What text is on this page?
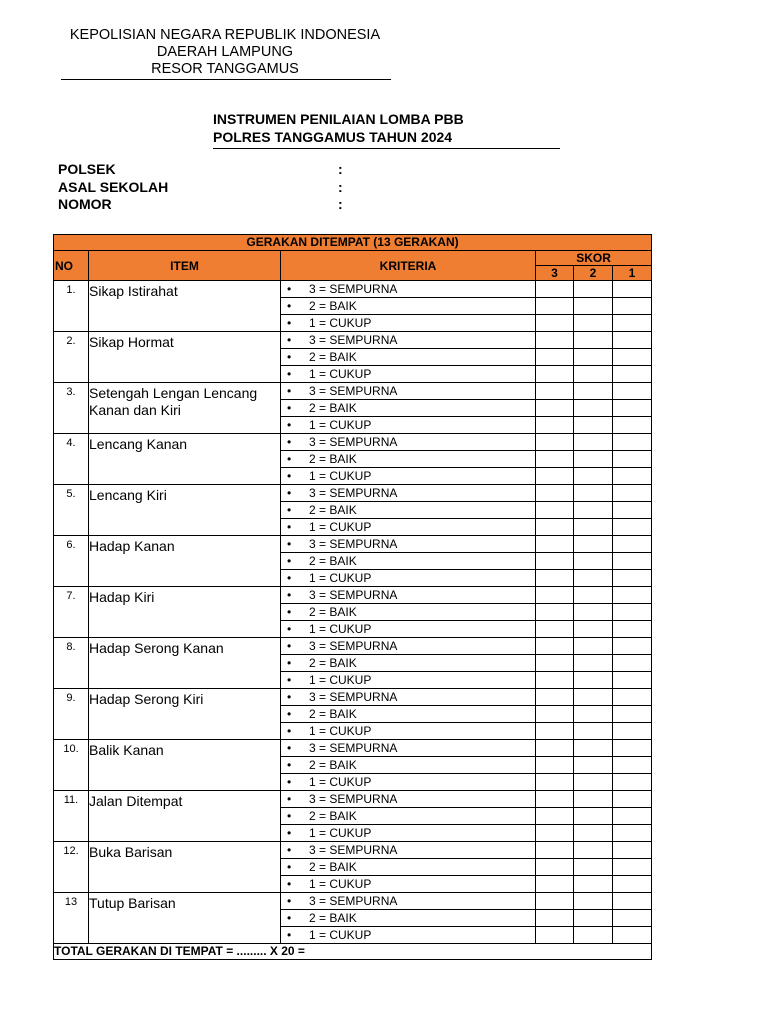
KEPOLISIAN NEGARA REPUBLIK INDONESIA
DAERAH LAMPUNG
RESOR TANGGAMUS
INSTRUMEN PENILAIAN LOMBA PBB
POLRES TANGGAMUS TAHUN 2024
POLSEK	:
ASAL SEKOLAH	:
NOMOR	:
GERAKAN DITEMPAT (13 GERAKAN)					
NO	ITEM	KRITERIA	SKOR		
			3	2	1
1.	Sikap Istirahat	• 3 = SEMPURNA			
		• 2 = BAIK			
		• 1 = CUKUP			
2.	Sikap Hormat	• 3 = SEMPURNA			
		• 2 = BAIK			
		• 1 = CUKUP			
3.	Setengah Lengan Lencang Kanan dan Kiri	• 3 = SEMPURNA			
		• 2 = BAIK			
		• 1 = CUKUP			
4.	Lencang Kanan	• 3 = SEMPURNA			
		• 2 = BAIK			
		• 1 = CUKUP			
5.	Lencang Kiri	• 3 = SEMPURNA			
		• 2 = BAIK			
		• 1 = CUKUP			
6.	Hadap Kanan	• 3 = SEMPURNA			
		• 2 = BAIK			
		• 1 = CUKUP			
7.	Hadap Kiri	• 3 = SEMPURNA			
		• 2 = BAIK			
		• 1 = CUKUP			
8.	Hadap Serong Kanan	• 3 = SEMPURNA			
		• 2 = BAIK			
		• 1 = CUKUP			
9.	Hadap Serong Kiri	• 3 = SEMPURNA			
		• 2 = BAIK			
		• 1 = CUKUP			
10.	Balik Kanan	• 3 = SEMPURNA			
		• 2 = BAIK			
		• 1 = CUKUP			
11.	Jalan Ditempat	• 3 = SEMPURNA			
		• 2 = BAIK			
		• 1 = CUKUP			
12.	Buka Barisan	• 3 = SEMPURNA			
		• 2 = BAIK			
		• 1 = CUKUP			
13	Tutup Barisan	• 3 = SEMPURNA			
		• 2 = BAIK			
		• 1 = CUKUP			
TOTAL GERAKAN DI TEMPAT = ......... X 20 =					
